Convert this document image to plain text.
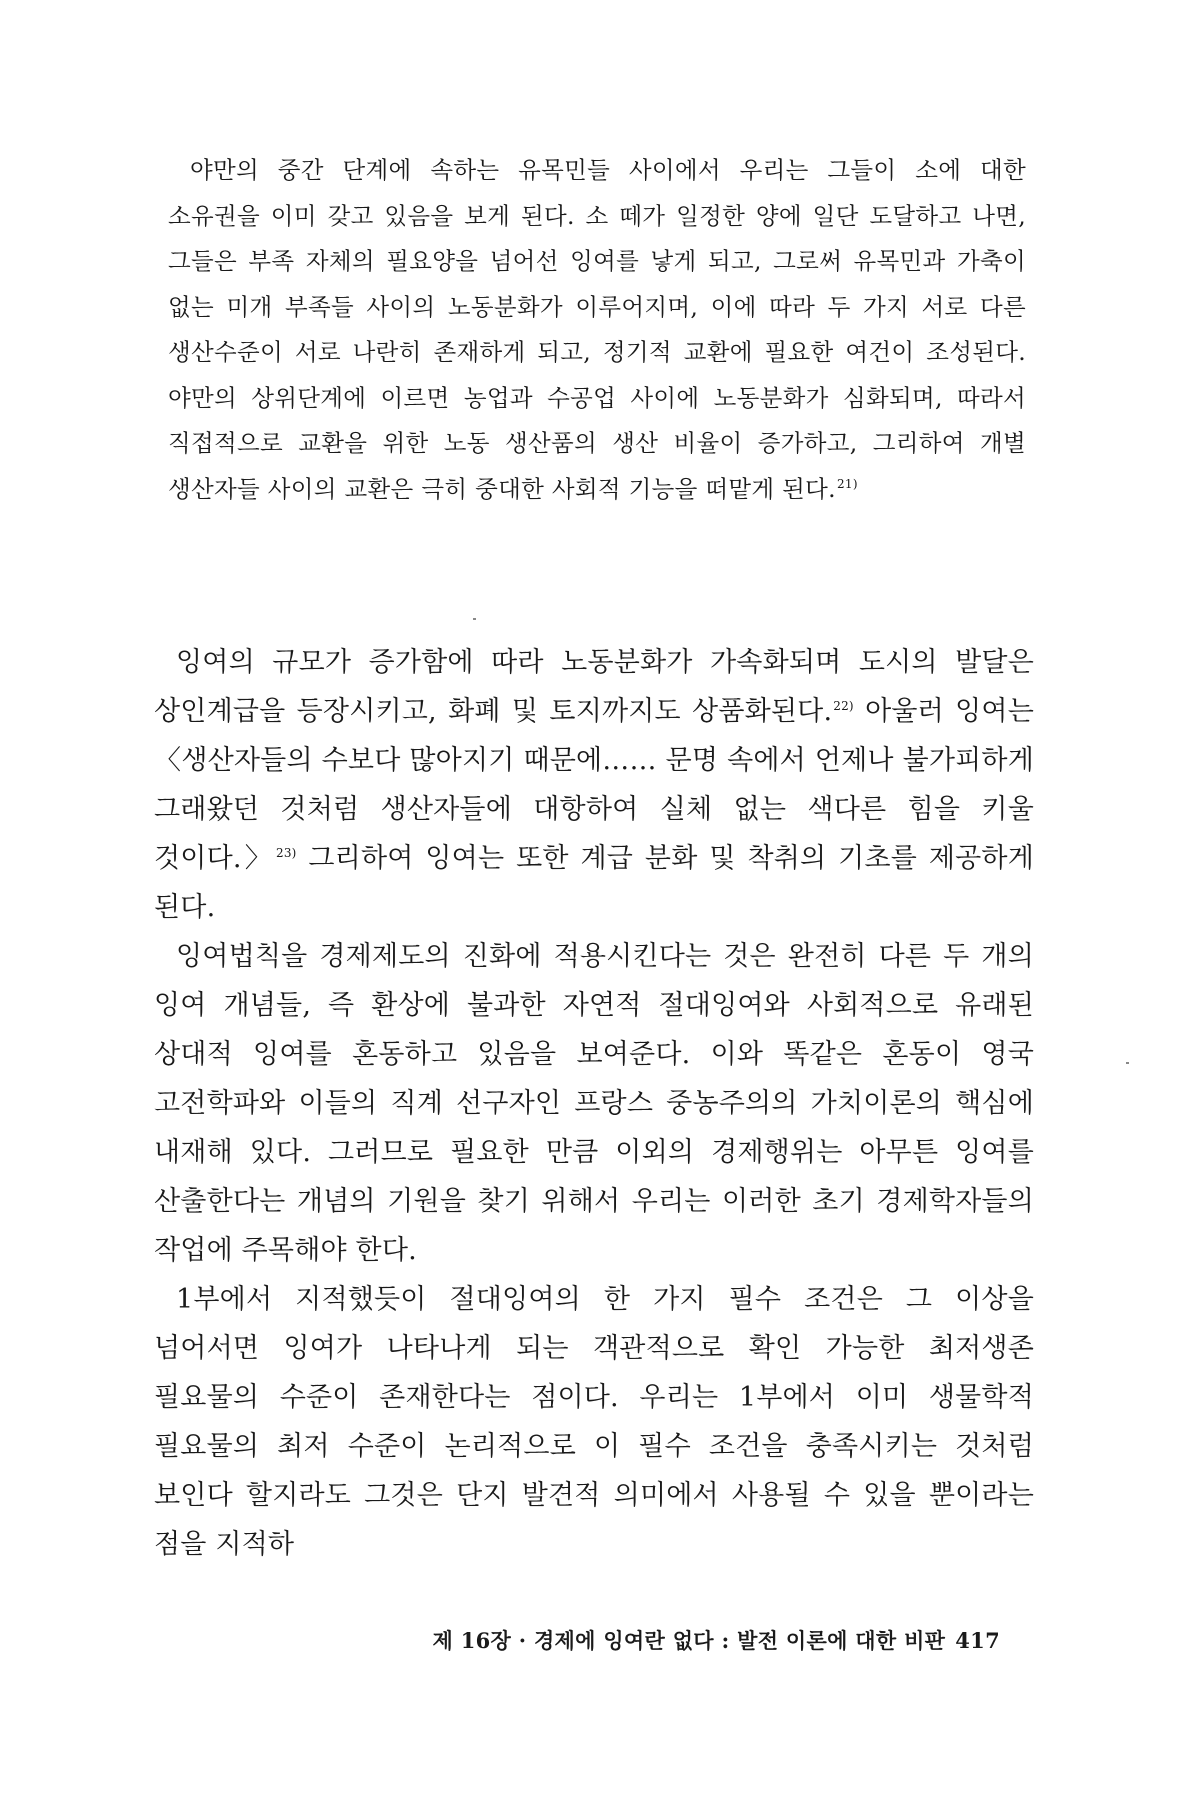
야만의 중간 단계에 속하는 유목민들 사이에서 우리는 그들이 소에 대한 소유권을 이미 갖고 있음을 보게 된다. 소 떼가 일정한 양에 일단 도달하고 나면, 그들은 부족 자체의 필요양을 넘어선 잉여를 낳게 되고, 그로써 유목민과 가축이 없는 미개 부족들 사이의 노동분화가 이루어지며, 이에 따라 두 가지 서로 다른 생산수준이 서로 나란히 존재하게 되고, 정기적 교환에 필요한 여건이 조성된다. 야만의 상위단계에 이르면 농업과 수공업 사이에 노동분화가 심화되며, 따라서 직접적으로 교환을 위한 노동 생산품의 생산 비율이 증가하고, 그리하여 개별 생산자들 사이의 교환은 극히 중대한 사회적 기능을 떠맡게 된다.$^{21)}$

잉여의 규모가 증가함에 따라 노동분화가 가속화되며 도시의 발달은 상인계급을 등장시키고, 화폐 및 토지까지도 상품화된다.$^{22)}$ 아울러 잉여는 〈생산자들의 수보다 많아지기 때문에…… 문명 속에서 언제나 불가피하게 그래왔던 것처럼 생산자들에 대항하여 실체 없는 색다른 힘을 키울 것이다.〉$^{23)}$ 그리하여 잉여는 또한 계급 분화 및 착취의 기초를 제공하게 된다.

잉여법칙을 경제제도의 진화에 적용시킨다는 것은 완전히 다른 두 개의 잉여 개념들, 즉 환상에 불과한 자연적 절대잉여와 사회적으로 유래된 상대적 잉여를 혼동하고 있음을 보여준다. 이와 똑같은 혼동이 영국 고전학파와 이들의 직계 선구자인 프랑스 중농주의의 가치이론의 핵심에 내재해 있다. 그러므로 필요한 만큼 이외의 경제행위는 아무튼 잉여를 산출한다는 개념의 기원을 찾기 위해서 우리는 이러한 초기 경제학자들의 작업에 주목해야 한다.

1부에서 지적했듯이 절대잉여의 한 가지 필수 조건은 그 이상을 넘어서면 잉여가 나타나게 되는 객관적으로 확인 가능한 최저생존 필요물의 수준이 존재한다는 점이다. 우리는 1부에서 이미 생물학적 필요물의 최저 수준이 논리적으로 이 필수 조건을 충족시키는 것처럼 보인다 할지라도 그것은 단지 발견적 의미에서 사용될 수 있을 뿐이라는 점을 지적하

제 16장 · 경제에 잉여란 없다 : 발전 이론에 대한 비판 417
